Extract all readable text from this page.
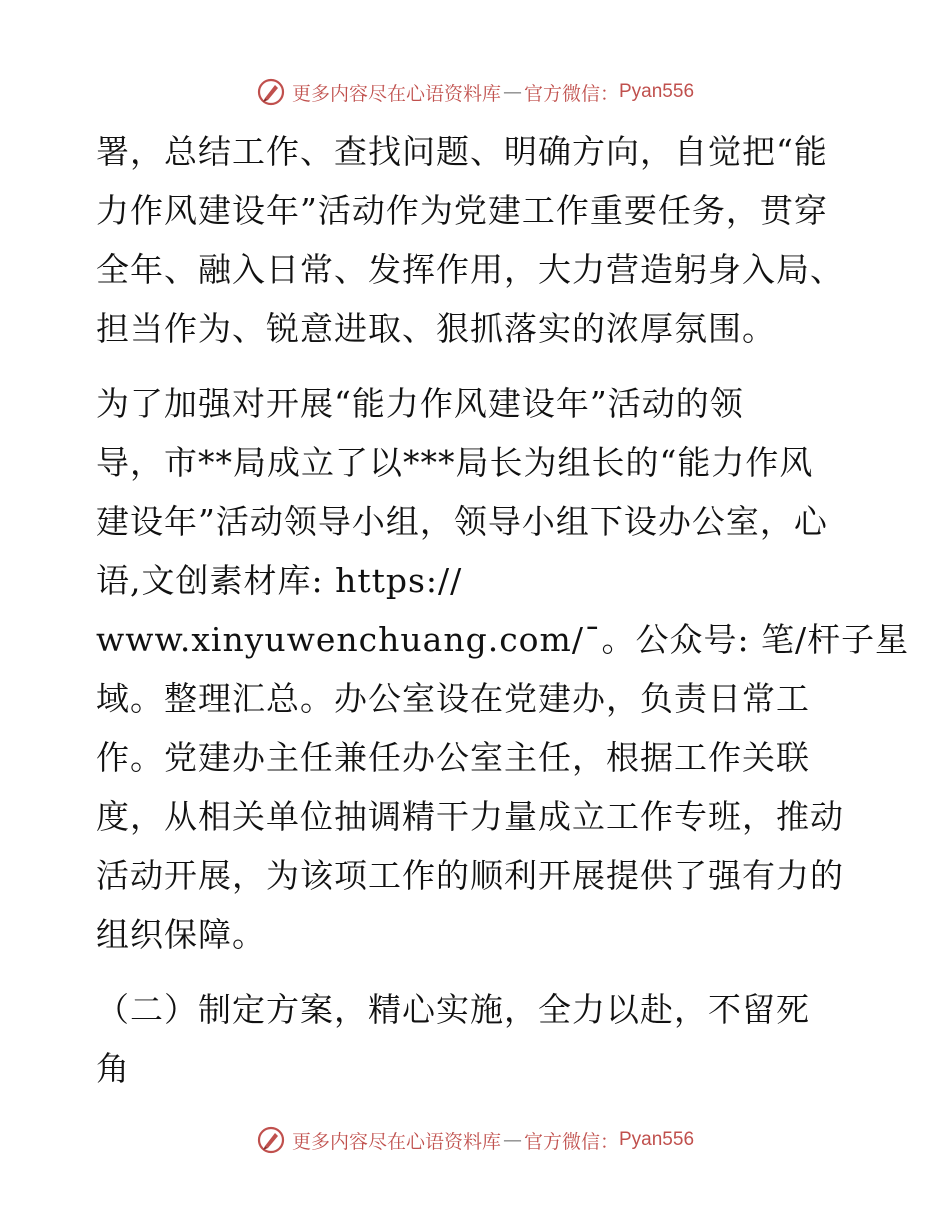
更多内容尽在心语资料库 — 官方微信： Pyan556

署，总结工作、查找问题、明确方向，自觉把“能
力作风建设年”活动作为党建工作重要任务，贯穿
全年、融入日常、发挥作用，大力营造躬身入局、
担当作为、锐意进取、狠抓落实的浓厚氛围。

为了加强对开展“能力作风建设年”活动的领
导，市**局成立了以***局长为组长的“能力作风
建设年”活动领导小组，领导小组下设办公室，心
语,文创素材库: https://
www.xinyuwenchuang.com/¯。公众号: 笔/杆子星
域。整理汇总。办公室设在党建办，负责日常工
作。党建办主任兼任办公室主任，根据工作关联
度，从相关单位抽调精干力量成立工作专班，推动
活动开展，为该项工作的顺利开展提供了强有力的
组织保障。

（二）制定方案，精心实施，全力以赴，不留死
角

更多内容尽在心语资料库 — 官方微信： Pyan556
